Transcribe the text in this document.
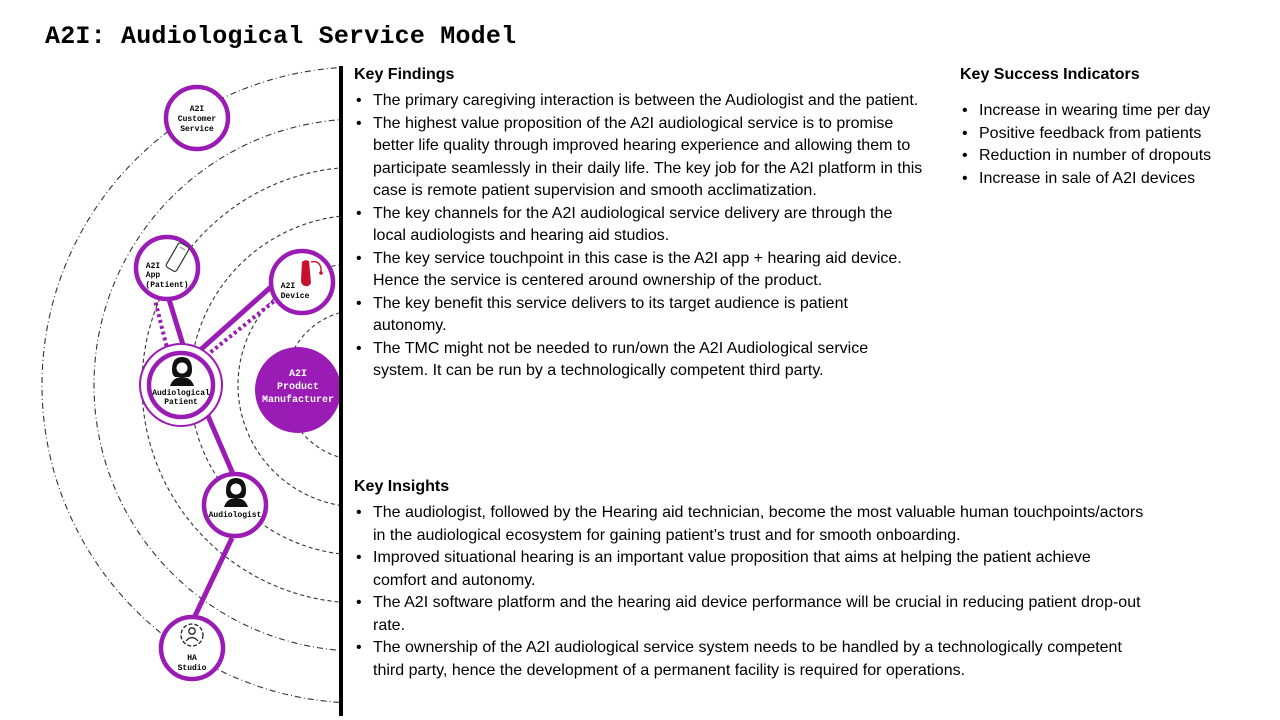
A2I: Audiological Service Model
A2I
Customer
Service
A2I
App
(Patient)	A2I
Device
Audiological
Patient
A2I
Product
Manufacturer
Audiologist
HA
Studio
Key Findings
• The primary caregiving interaction is between the Audiologist and the patient.
• The highest value proposition of the A2I audiological service is to promise better life quality through improved hearing experience and allowing them to participate seamlessly in their daily life. The key job for the A2I platform in this case is remote patient supervision and smooth acclimatization.
• The key channels for the A2I audiological service delivery are through the local audiologists and hearing aid studios.
• The key service touchpoint in this case is the A2I app + hearing aid device. Hence the service is centered around ownership of the product.
• The key benefit this service delivers to its target audience is patient autonomy.
• The TMC might not be needed to run/own the A2I Audiological service system. It can be run by a technologically competent third party.
Key Success Indicators
• Increase in wearing time per day
• Positive feedback from patients
• Reduction in number of dropouts
• Increase in sale of A2I devices
Key Insights
• The audiologist, followed by the Hearing aid technician, become the most valuable human touchpoints/actors in the audiological ecosystem for gaining patient’s trust and for smooth onboarding.
• Improved situational hearing is an important value proposition that aims at helping the patient achieve comfort and autonomy.
• The A2I software platform and the hearing aid device performance will be crucial in reducing patient drop-out rate.
• The ownership of the A2I audiological service system needs to be handled by a technologically competent third party, hence the development of a permanent facility is required for operations.
